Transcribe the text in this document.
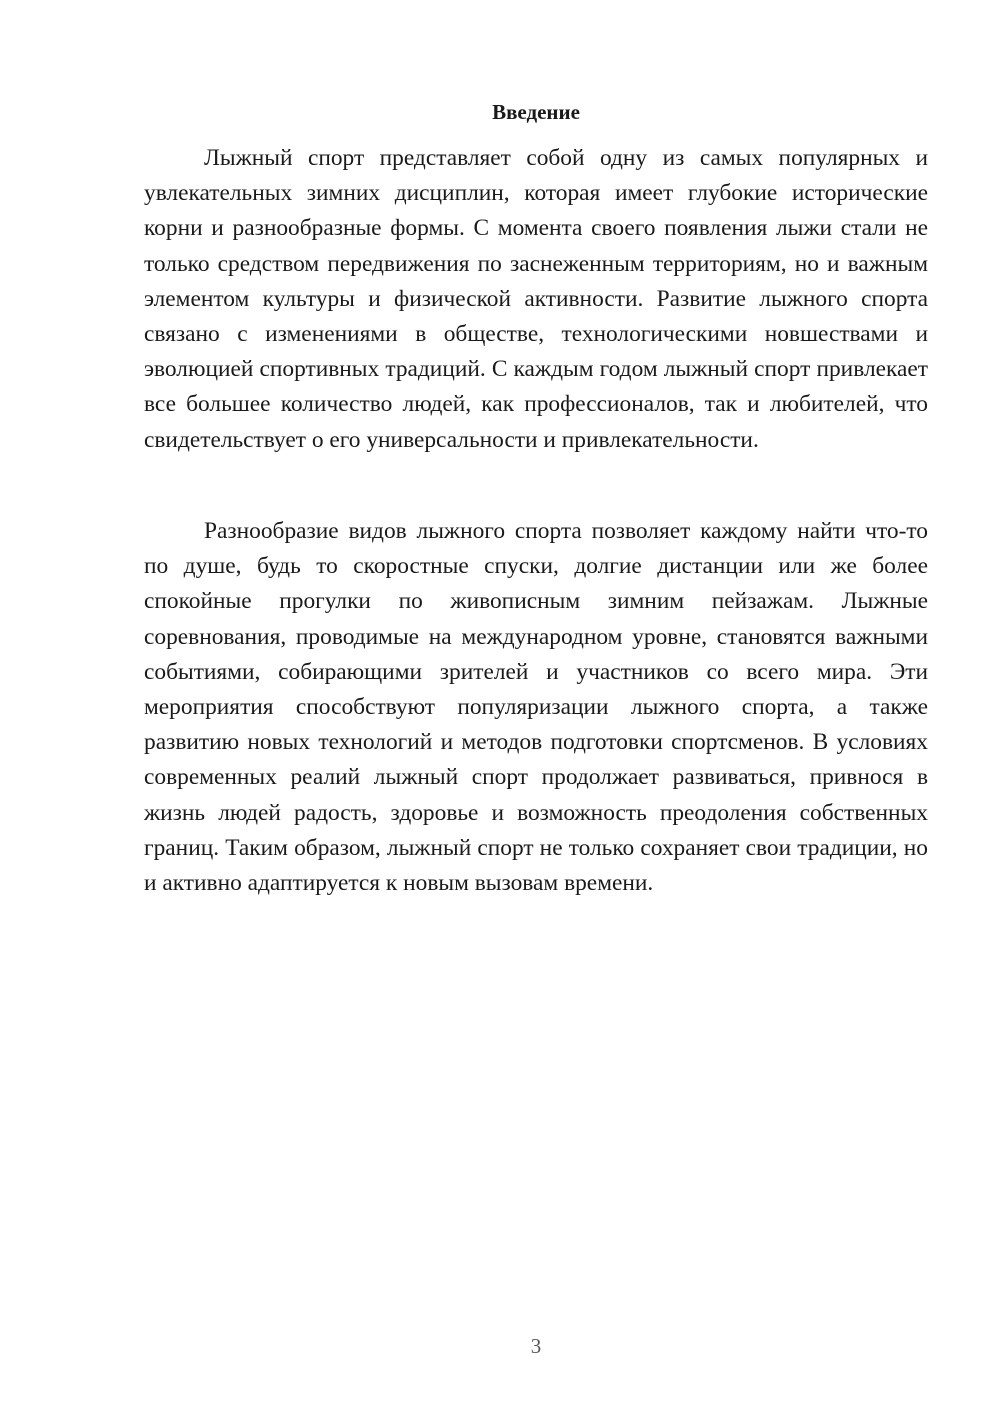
Введение

Лыжный спорт представляет собой одну из самых популярных и увлекательных зимних дисциплин, которая имеет глубокие исторические корни и разнообразные формы. С момента своего появления лыжи стали не только средством передвижения по заснеженным территориям, но и важным элементом культуры и физической активности. Развитие лыжного спорта связано с изменениями в обществе, технологическими новшествами и эволюцией спортивных традиций. С каждым годом лыжный спорт привлекает все большее количество людей, как профессионалов, так и любителей, что свидетельствует о его универсальности и привлекательности.

Разнообразие видов лыжного спорта позволяет каждому найти что-то по душе, будь то скоростные спуски, долгие дистанции или же более спокойные прогулки по живописным зимним пейзажам. Лыжные соревнования, проводимые на международном уровне, становятся важными событиями, собирающими зрителей и участников со всего мира. Эти мероприятия способствуют популяризации лыжного спорта, а также развитию новых технологий и методов подготовки спортсменов. В условиях современных реалий лыжный спорт продолжает развиваться, привнося в жизнь людей радость, здоровье и возможность преодоления собственных границ. Таким образом, лыжный спорт не только сохраняет свои традиции, но и активно адаптируется к новым вызовам времени.

3
